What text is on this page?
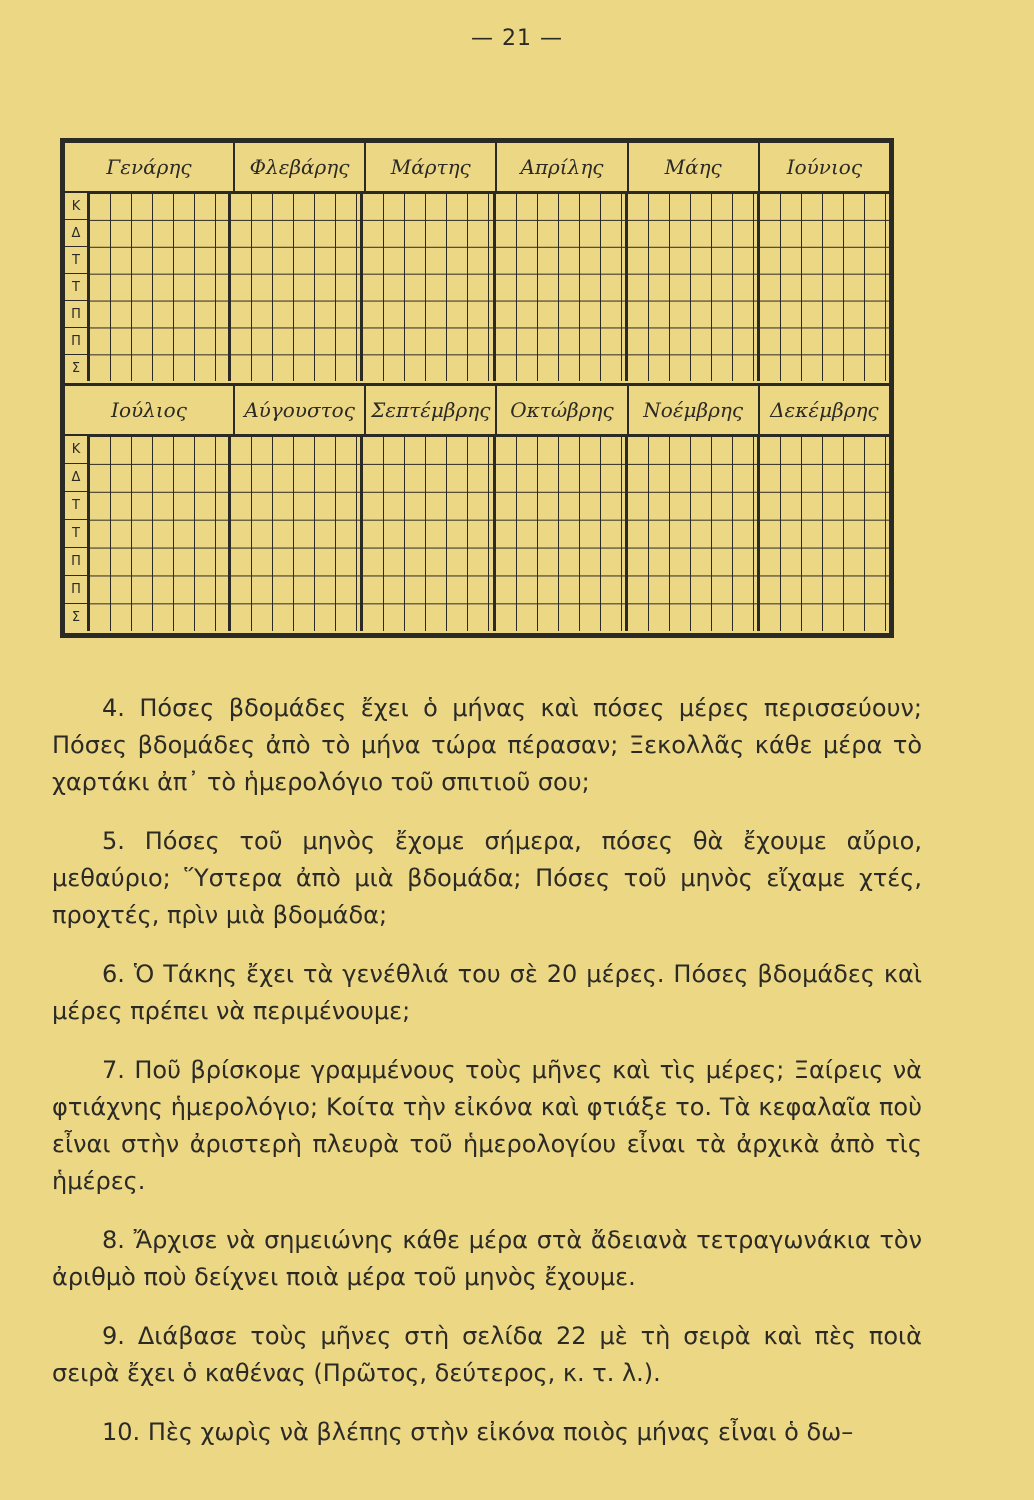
— 21 —
Γενάρης	Φλεβάρης	Μάρτης	Απρίλης	Μάης	Ιούνιος
Κ
Δ
Τ
Τ
Π
Π
Σ
Ιούλιος	Αύγουστος Σεπτέμβρης Οκτώβρης	Νοέμβρης	Δεκέμβρης
Κ
Δ
Τ
Τ
Π
Π
Σ

4. Πόσες βδομάδες ἔχει ὁ μήνας καὶ πόσες μέρες περισσεύουν; Πόσες βδομάδες ἀπὸ τὸ μήνα τώρα πέρασαν; Ξεκολλᾶς κάθε μέρα τὸ χαρτάκι ἀπ᾽ τὸ ἡμερολόγιο τοῦ σπιτιοῦ σου;

5. Πόσες τοῦ μηνὸς ἔχομε σήμερα, πόσες θὰ ἔχουμε αὔριο, μεθαύριο; Ὕστερα ἀπὸ μιὰ βδομάδα; Πόσες τοῦ μηνὸς εἴχαμε χτές, προχτές, πρὶν μιὰ βδομάδα;

6. Ὁ Τάκης ἔχει τὰ γενέθλιά του σὲ 20 μέρες. Πόσες βδομάδες καὶ μέρες πρέπει νὰ περιμένουμε;

7. Ποῦ βρίσκομε γραμμένους τοὺς μῆνες καὶ τὶς μέρες; Ξαίρεις νὰ φτιάχνης ἡμερολόγιο; Κοίτα τὴν εἰκόνα καὶ φτιάξε το. Τὰ κεφαλαῖα ποὺ εἶναι στὴν ἀριστερὴ πλευρὰ τοῦ ἡμερολογίου εἶναι τὰ ἀρχικὰ ἀπὸ τὶς ἡμέρες.

8. Ἄρχισε νὰ σημειώνης κάθε μέρα στὰ ἄδειανὰ τετραγωνάκια τὸν ἀριθμὸ ποὺ δείχνει ποιὰ μέρα τοῦ μηνὸς ἔχουμε.

9. Διάβασε τοὺς μῆνες στὴ σελίδα 22 μὲ τὴ σειρὰ καὶ πὲς ποιὰ σειρὰ ἔχει ὁ καθένας (Πρῶτος, δεύτερος, κ. τ. λ.).

10. Πὲς χωρὶς νὰ βλέπης στὴν εἰκόνα ποιὸς μήνας εἶναι ὁ δω–
